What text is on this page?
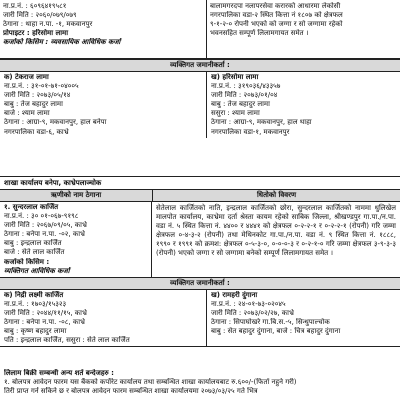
ना.प्र.नं. : ६०९६४१९५८१
जारी मिति : २०६०/०७९/०७९
ठेगाना : थाहा न.पा. -१, मकवानपुर
प्रोपाइटर : हरिसोमा लामा
कर्जाको किसिम : व्यवसायिक आविधिक कर्जा
बालामगरदपा नलापरसेवा करारको आधारमा लेकोसी
नगरपालिका वडा-२ स्थित कित्ता नं १८०७ को क्षेत्रफल
९-१-२-० रोपनी भएको को जग्गा र सो जग्गामा रहेको
भवनसहित सम्पूर्ण लिलामगायत समेत ।
व्यक्तिगत जमानीकर्ता :
क) टेकराज लामा
ना.प्र.नं. : ३१-०१-७१-०४००५
जारी मिति : २०७३/०५/१४
बाबु : तेज बहादुर लामा
बाजे : श्याम लामा
ठेगाना : आग्रा-९, मकवानपुर, हाल बनेपा
नगरपालिका वडा-६, काभ्रे
ख) हरिसोमा लामा
ना.प्र.नं. : ३१९०३६/४३३५७
जारी मिति : २०७३/०१/०४
बाबु : तेज बहादुर लामा
ससुरा : श्याम लामा
ठेगाना : आग्रा-९, मकवानपुर, हाल थाहा
नगरपालिका वडा-१, मकवानपुर
शाखा कार्यालय बनेपा, काभ्रेपलाञ्चोक
ऋणीको नाम ठेगाना	धितोको विवरण
१. सुन्दरलाल कार्जित
ना.प्र.नं. : ३० ०१-०६७-९१९८
जारी मिति : २०६७/०९/०५, काभ्रे
ठेगाना : बनेपा न.पा. -०२, काभ्रे
बाबु : इन्द्रलाल कार्जित
बाजे : सेते लाल कार्जित
कर्जाको किसिम :
व्यक्तिगत आविधिक कर्जा
सेतेलाल कार्जितको नाति, इन्द्रलाल कार्जितको छोरा, सुन्दरलाल कार्जितको नाममा धुलिखेल मालपोत कार्यालय, काभ्रेमा दर्ता श्रेस्ता कायम रहेको साबिक जिल्ला, श्रीखण्डपुर गा.पा./न.पा. वडा नं. ५ स्थित कित्ता नं. ४४०० र ४४४१ को क्षेत्रफल ०-२-२-१ र ०-२-२-१ (रोपनी) गरि जम्मा क्षेत्रफल ०-४-३-२ (रोपनी) तथा मेथिनकोट गा.पा./न.पा. वडा नं. ९ स्थित कित्ता नं. १८८८, १९९० र १९९१ को क्रमश: क्षेत्रफल ०-५-३-०, ०-०-०-३ र ०-२-१-० गरि जम्मा क्षेत्रफल ३-९-३-३ (रोपनी) भएको जग्गा र सो जग्गामा बनेको सम्पूर्ण लिलामगायत समेत ।
व्यक्तिगत जमानीकर्ता :
क) निद्री लक्ष्मी कार्जित
ना.प्र.नं. : १७०३/१५३२३
जारी मिति : २०४४/११/१५, काभ्रे
ठेगाना : बनेपा न.पा. -०८, काभ्रे
बाबु : कृष्ण बहादुर लामा
पति : इन्द्रलाल कार्जित, ससुरा : सेते लाल कार्जित
ख) रामहरी दुंगाना
ना.प्र.नं. : २४-०१-७३-०२०४५
जारी मिति : २०७३/०२/२७, काभ्रे
ठेगाना : सिपाघोखरे गा.बि.स.-५, सिन्धुपाल्चोक
बाबु : सेत बहादुर दुंगाना, बाजे : चित्र बहादुर दुंगाना
लिलाम बिक्री सम्बन्धी अन्य शर्त बन्देजहरु :
१. बोलपत्र आवेदन फारम यस बैंकको कर्पोरेट कार्यालय तथा सम्बन्धित शाखा कार्यालयबाट रु.६००/-(फिर्ता नहुने गरी)
तिरी प्राप्त गर्न सकिने छ र बोलपत्र आवेदन फारम सम्बन्धित शाखा कार्यालयमा २०७३/०३/२५ गते भित्र
